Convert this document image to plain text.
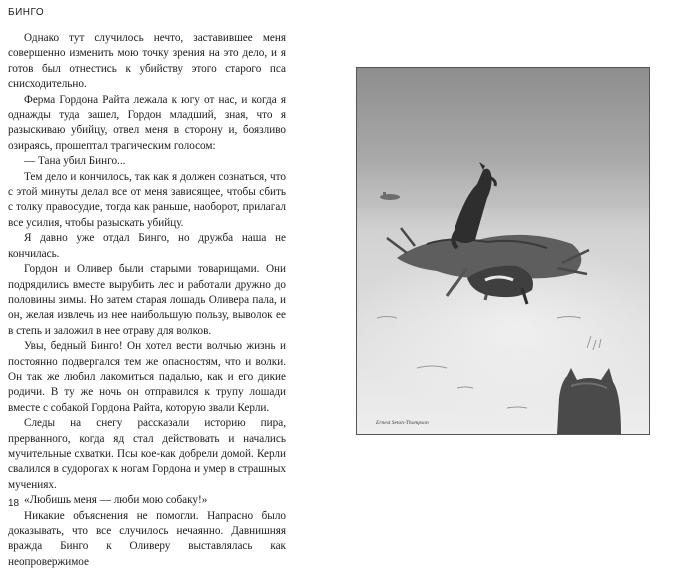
БИНГО

Однако тут случилось нечто, заставившее меня совершенно изменить мою точку зрения на это дело, и я готов был отнестись к убийству этого старого пса снисходительно.

Ферма Гордона Райта лежала к югу от нас, и когда я однажды туда зашел, Гордон младший, зная, что я разыскиваю убийцу, отвел меня в сторону и, боязливо озираясь, прошептал трагическим голосом:

— Тана убил Бинго...

Тем дело и кончилось, так как я должен сознаться, что с этой минуты делал все от меня зависящее, чтобы сбить с толку правосудие, тогда как раньше, наоборот, прилагал все усилия, чтобы разыскать убийцу.

Я давно уже отдал Бинго, но дружба наша не кончилась.

Гордон и Оливер были старыми товарищами. Они подрядились вместе вырубить лес и работали дружно до половины зимы. Но затем старая лошадь Оливера пала, и он, желая извлечь из нее наибольшую пользу, выволок ее в степь и заложил в нее отраву для волков.

Увы, бедный Бинго! Он хотел вести волчью жизнь и постоянно подвергался тем же опасностям, что и волки. Он так же любил лакомиться падалью, как и его дикие родичи. В ту же ночь он отправился к трупу лошади вместе с собакой Гордона Райта, которую звали Керли.

Следы на снегу рассказали историю пира, прерванного, когда яд стал действовать и начались мучительные схватки. Псы кое-как добрели домой. Керли свалился в судорогах к ногам Гордона и умер в страшных мучениях.

«Любишь меня — люби мою собаку!»

Никакие объяснения не помогли. Напрасно было доказывать, что все случилось нечаянно. Давнишняя вражда Бинго к Оливеру выставлялась как неопровержимое

18
Ernest Seton-Thompson
